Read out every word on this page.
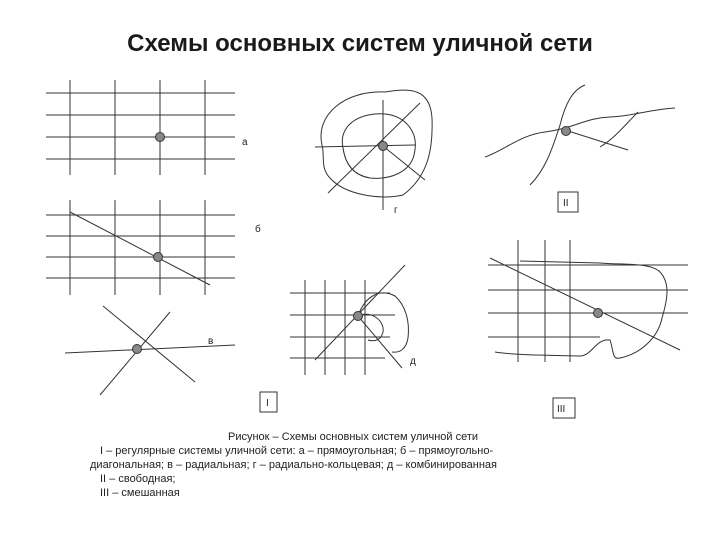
Схемы основных систем уличной сети
а
б
в
г
д
I
II
III
Рисунок – Схемы основных систем уличной сети
I – регулярные системы уличной сети: а – прямоугольная; б – прямоугольно-
диагональная; в – радиальная; г – радиально-кольцевая; д – комбинированная
II – свободная;
III – смешанная
